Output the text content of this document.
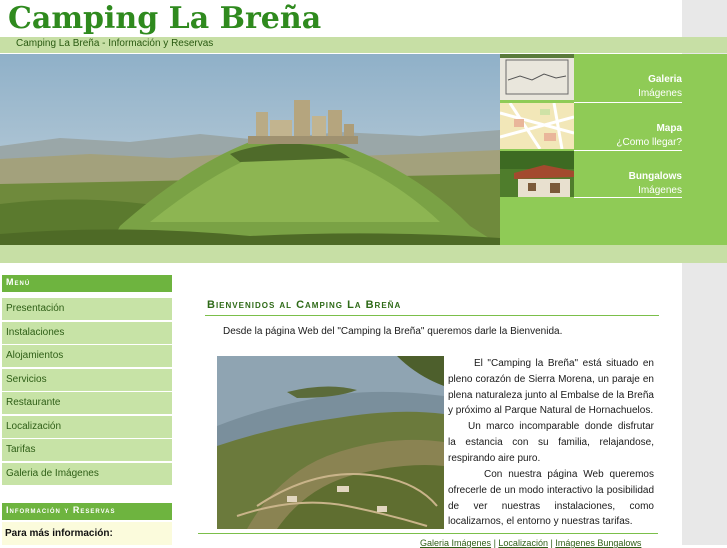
Camping La Breña
Camping La Breña - Información y Reservas
Galeria
Imágenes
Mapa
¿Como llegar?
Bungalows
Imágenes
Menú
Presentación
Instalaciones
Alojamientos
Servicios
Restaurante
Localización
Tarifas
Galeria de Imágenes
Información y Reservas
Para más información:
Bienvenidos al Camping La Breña
Desde la página Web del "Camping la Breña" queremos darle la Bienvenida.
El "Camping la Breña" está situado en pleno corazón de Sierra Morena, un paraje en plena naturaleza junto al Embalse de la Breña y próximo al Parque Natural de Hornachuelos.
Un marco incomparable donde disfrutar la estancia con su familia, relajandose, respirando aire puro.
Con nuestra página Web queremos ofrecerle de un modo interactivo la posibilidad de ver nuestras instalaciones, como localizarnos, el entorno y nuestras tarifas.
Galeria Imágenes | Localización | Imágenes Bungalows
